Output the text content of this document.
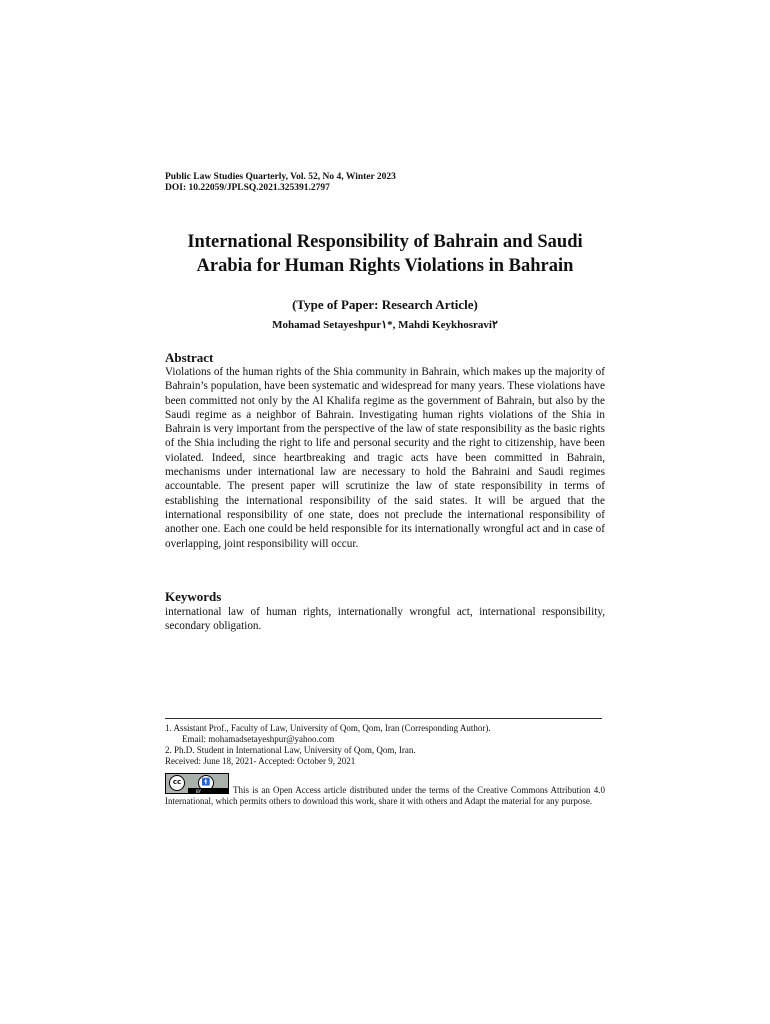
Public Law Studies Quarterly, Vol. 52, No 4, Winter 2023
DOI: 10.22059/JPLSQ.2021.325391.2797
International Responsibility of Bahrain and Saudi
Arabia for Human Rights Violations in Bahrain
(Type of Paper: Research Article)
Mohamad Setayeshpur١*, Mahdi Keykhosravi٢
Abstract

Violations of the human rights of the Shia community in Bahrain, which makes up the majority of Bahrain’s population, have been systematic and widespread for many years. These violations have been committed not only by the Al Khalifa regime as the government of Bahrain, but also by the Saudi regime as a neighbor of Bahrain. Investigating human rights violations of the Shia in Bahrain is very important from the perspective of the law of state responsibility as the basic rights of the Shia including the right to life and personal security and the right to citizenship, have been violated. Indeed, since heartbreaking and tragic acts have been committed in Bahrain, mechanisms under international law are necessary to hold the Bahraini and Saudi regimes accountable. The present paper will scrutinize the law of state responsibility in terms of establishing the international responsibility of the said states. It will be argued that the international responsibility of one state, does not preclude the international responsibility of another one. Each one could be held responsible for its internationally wrongful act and in case of overlapping, joint responsibility will occur.

Keywords

international law of human rights, internationally wrongful act, international responsibility, secondary obligation.

1. Assistant Prof., Faculty of Law, University of Qom, Qom, Iran (Corresponding Author).
Email: mohamadsetayeshpur@yahoo.com
2. Ph.D. Student in International Law, University of Qom, Qom, Iran.
Received: June 18, 2021- Accepted: October 9, 2021
cc	🚹
BY	This is an Open Access article distributed under the terms of the Creative Commons Attribution 4.0 International, which permits others to download this work, share it with others and Adapt the material for any purpose.
